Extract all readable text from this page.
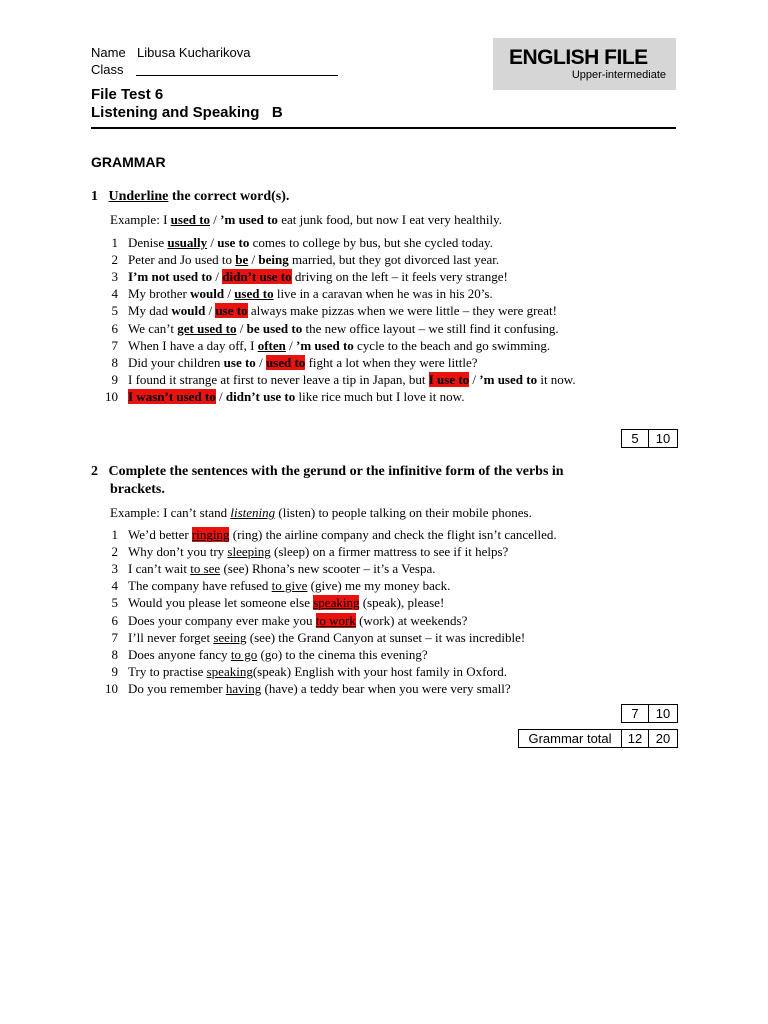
Name Libusa Kucharikova
Class
ENGLISH FILE
Upper-intermediate
File Test 6
Listening and Speaking B
GRAMMAR
1 Underline the correct word(s).
Example: I used to / ’m used to eat junk food, but now I eat very healthily.
1 Denise usually / use to comes to college by bus, but she cycled today.
2 Peter and Jo used to be / being married, but they got divorced last year.
3 I’m not used to / didn’t use to driving on the left – it feels very strange!
4 My brother would / used to live in a caravan when he was in his 20’s.
5 My dad would / use to always make pizzas when we were little – they were great!
6 We can’t get used to / be used to the new office layout – we still find it confusing.
7 When I have a day off, I often / ’m used to cycle to the beach and go swimming.
8 Did your children use to / used to fight a lot when they were little?
9 I found it strange at first to never leave a tip in Japan, but I use to / ’m used to it now.
10 I wasn’t used to / didn’t use to like rice much but I love it now.
5	10
2 Complete the sentences with the gerund or the infinitive form of the verbs in
brackets.
Example: I can’t stand listening (listen) to people talking on their mobile phones.
1 We’d better ringing (ring) the airline company and check the flight isn’t cancelled.
2 Why don’t you try sleeping (sleep) on a firmer mattress to see if it helps?
3 I can’t wait to see (see) Rhona’s new scooter – it’s a Vespa.
4 The company have refused to give (give) me my money back.
5 Would you please let someone else speaking (speak), please!
6 Does your company ever make you to work (work) at weekends?
7 I’ll never forget seeing (see) the Grand Canyon at sunset – it was incredible!
8 Does anyone fancy to go (go) to the cinema this evening?
9 Try to practise speaking(speak) English with your host family in Oxford.
10 Do you remember having (have) a teddy bear when you were very small?
7	10
Grammar total	12	20
